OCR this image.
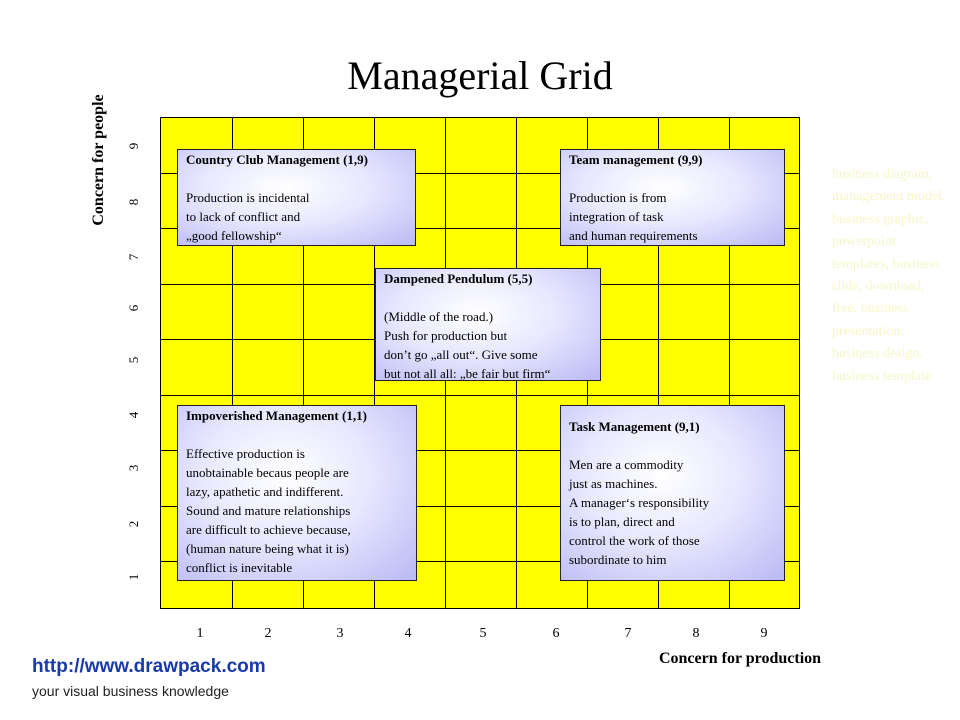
Managerial Grid
Concern for people
1
2
3
4
5
6
7
8
9
Country Club Management (1,9)
Production is incidental
to lack of conflict and
„good fellowship“
Team management (9,9)
Production is from
integration of task
and human requirements
Dampened Pendulum (5,5)
(Middle of the road.)
Push for production but
don’t go „all out“. Give some
but not all all: „be fair but firm“
Impoverished Management (1,1)
Effective production is
unobtainable becaus people are
lazy, apathetic and indifferent.
Sound and mature relationships
are difficult to achieve because,
(human nature being what it is)
conflict is inevitable
Task Management (9,1)
Men are a commodity
just as machines.
A manager‘s responsibility
is to plan, direct and
control the work of those
subordinate to him
1	2	3	4	5	6	7	8	9
Concern for production
business diagram, management model, business graphic, powerpoint templates, business slide, download, free, business presentation, business design, business template
http://www.drawpack.com
your visual business knowledge
